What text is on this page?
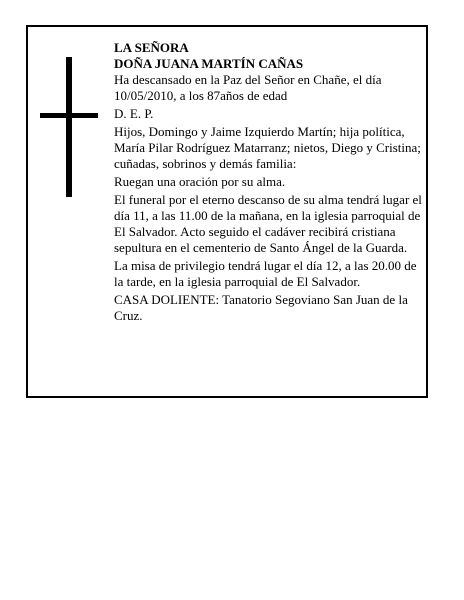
LA SEÑORA

DOÑA JUANA MARTÍN CAÑAS

Ha descansado en la Paz del Señor en Chañe, el día 10/05/2010, a los 87años de edad

D. E. P.

Hijos, Domingo y Jaime Izquierdo Martín; hija política, María Pilar Rodríguez Matarranz; nietos, Diego y Cristina; cuñadas, sobrinos y demás familia:

Ruegan una oración por su alma.

El funeral por el eterno descanso de su alma tendrá lugar el día 11, a las 11.00 de la mañana, en la iglesia parroquial de El Salvador. Acto seguido el cadáver recibirá cristiana sepultura en el cementerio de Santo Ángel de la Guarda.

La misa de privilegio tendrá lugar el día 12, a las 20.00 de la tarde, en la iglesia parroquial de El Salvador.

CASA DOLIENTE: Tanatorio Segoviano San Juan de la Cruz.
